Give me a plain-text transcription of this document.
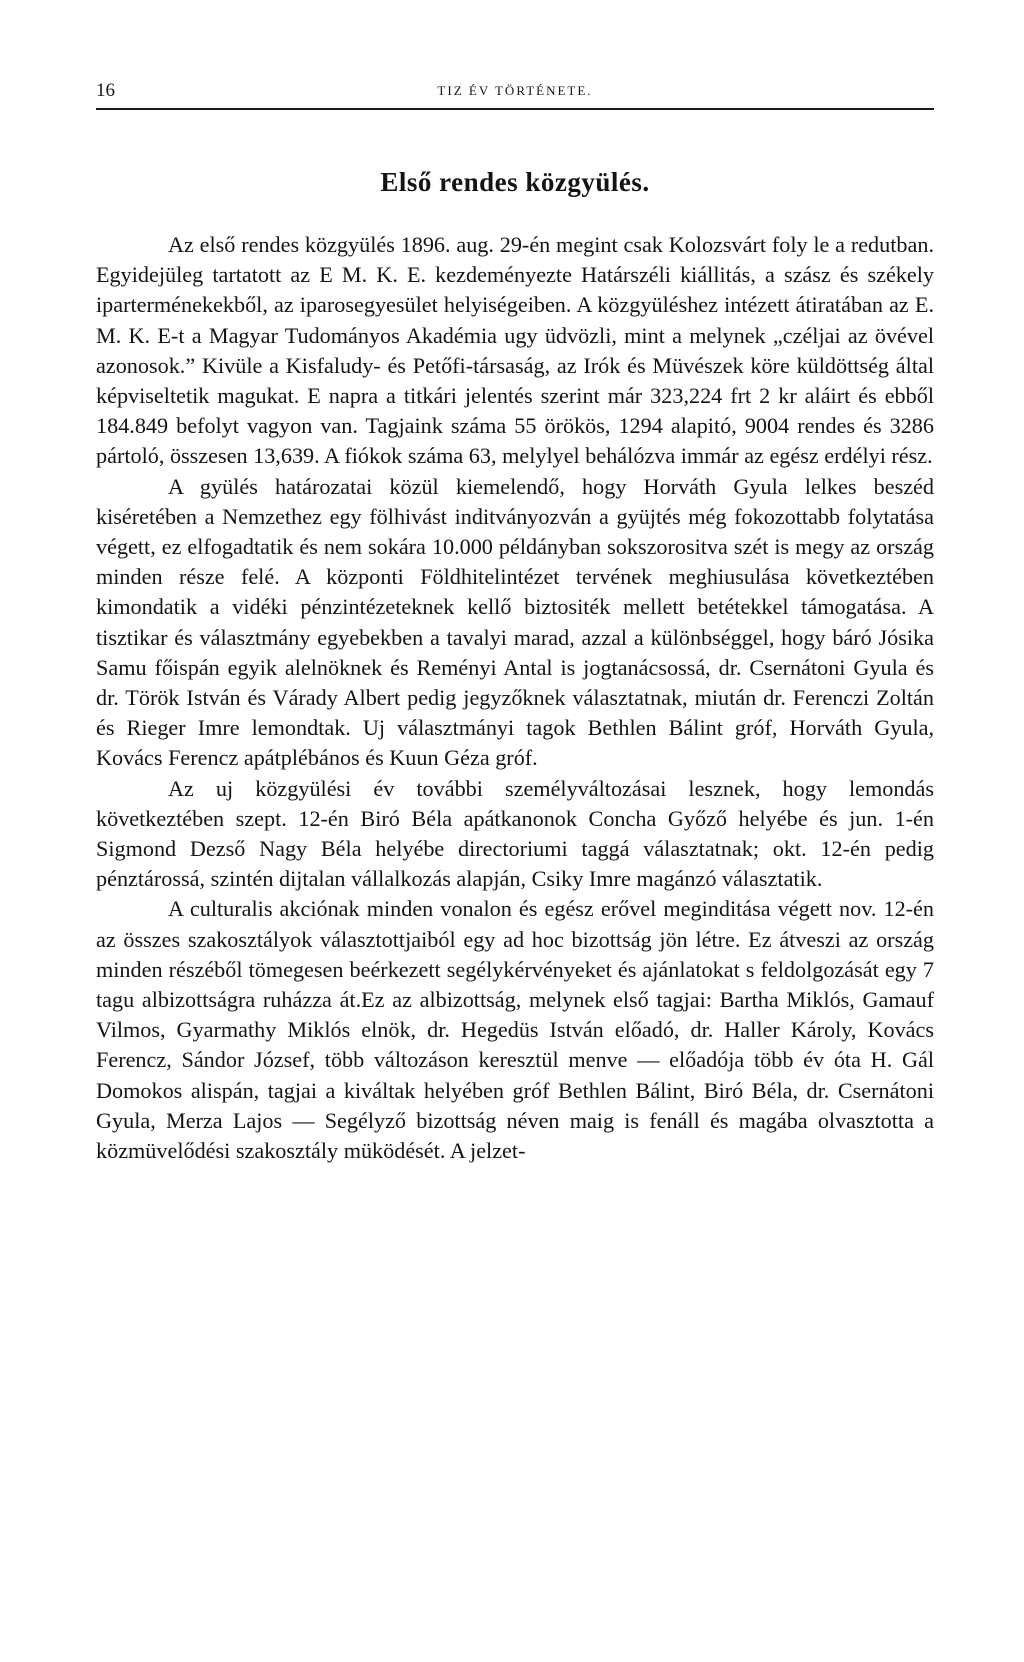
16	TIZ ÉV TÖRTÉNETE.
Első rendes közgyülés.

Az első rendes közgyülés 1896. aug. 29-én megint csak Kolozsvárt foly le a redutban. Egyidejüleg tartatott az E M. K. E. kezdeményezte Határszéli kiállitás, a szász és székely iparterménekekből, az iparosegyesület helyiségeiben. A közgyüléshez intézett átiratában az E. M. K. E-t a Magyar Tudományos Akadémia ugy üdvözli, mint a melynek „czéljai az övével azonosok.” Kivüle a Kisfaludy- és Petőfi-társaság, az Irók és Müvészek köre küldöttség által képviseltetik magukat. E napra a titkári jelentés szerint már 323,224 frt 2 kr aláirt és ebből 184.849 befolyt vagyon van. Tagjaink száma 55 örökös, 1294 alapitó, 9004 rendes és 3286 pártoló, összesen 13,639. A fiókok száma 63, melylyel behálózva immár az egész erdélyi rész.

A gyülés határozatai közül kiemelendő, hogy Horváth Gyula lelkes beszéd kiséretében a Nemzethez egy fölhivást inditványozván a gyüjtés még fokozottabb folytatása végett, ez elfogadtatik és nem sokára 10.000 példányban sokszorositva szét is megy az ország minden része felé. A központi Földhitelintézet tervének meghiusulása következtében kimondatik a vidéki pénzintézeteknek kellő biztositék mellett betétekkel támogatása. A tisztikar és választmány egyebekben a tavalyi marad, azzal a különbséggel, hogy báró Jósika Samu főispán egyik alelnöknek és Reményi Antal is jogtanácsossá, dr. Csernátoni Gyula és dr. Török István és Várady Albert pedig jegyzőknek választatnak, miután dr. Ferenczi Zoltán és Rieger Imre lemondtak. Uj választmányi tagok Bethlen Bálint gróf, Horváth Gyula, Kovács Ferencz apátplébános és Kuun Géza gróf.

Az uj közgyülési év további személyváltozásai lesznek, hogy lemondás következtében szept. 12-én Biró Béla apátkanonok Concha Győző helyébe és jun. 1-én Sigmond Dezső Nagy Béla helyébe directoriumi taggá választatnak; okt. 12-én pedig pénztárossá, szintén dijtalan vállalkozás alapján, Csiky Imre magánzó választatik.

A culturalis akciónak minden vonalon és egész erővel meginditása végett nov. 12-én az összes szakosztályok választottjaiból egy ad hoc bizottság jön létre. Ez átveszi az ország minden részéből tömegesen beérkezett segélykérvényeket és ajánlatokat s feldolgozását egy 7 tagu albizottságra ruházza át.Ez az albizottság, melynek első tagjai: Bartha Miklós, Gamauf Vilmos, Gyarmathy Miklós elnök, dr. Hegedüs István előadó, dr. Haller Károly, Kovács Ferencz, Sándor József, több változáson keresztül menve — előadója több év óta H. Gál Domokos alispán, tagjai a kiváltak helyében gróf Bethlen Bálint, Biró Béla, dr. Csernátoni Gyula, Merza Lajos — Segélyző bizottság néven maig is fenáll és magába olvasztotta a közmüvelődési szakosztály müködését. A jelzet-
